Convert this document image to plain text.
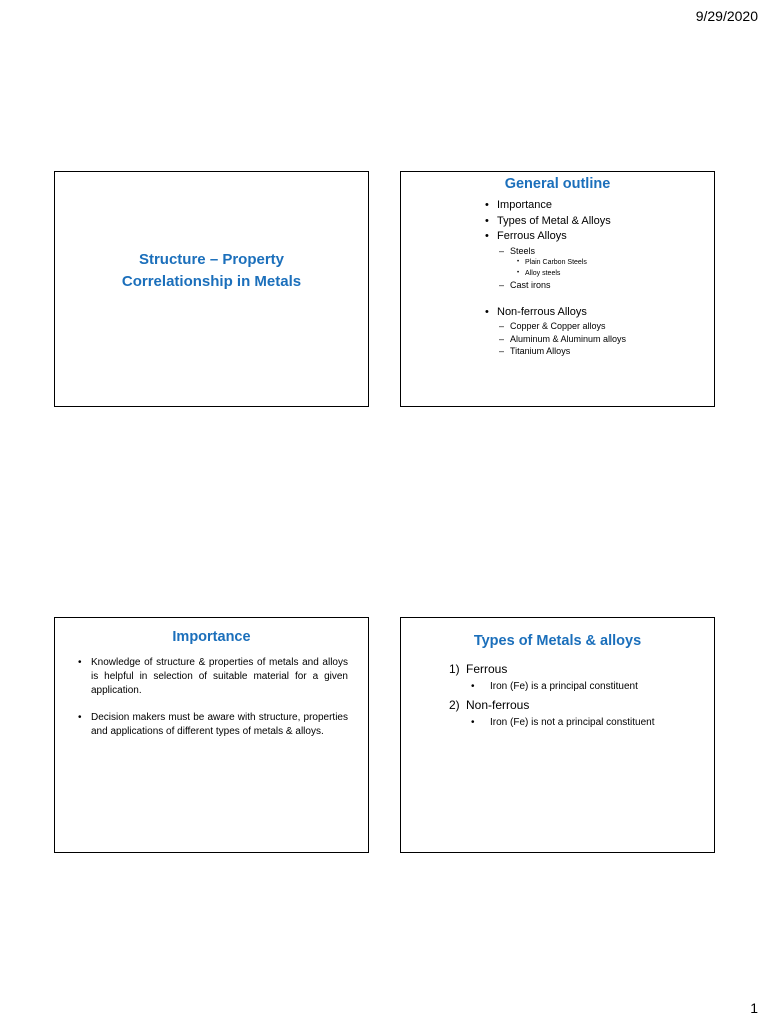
9/29/2020
Structure – Property
Correlationship in Metals
General outline
• Importance
• Types of Metal & Alloys
• Ferrous Alloys
– Steels
• Plain Carbon Steels
• Alloy steels
– Cast irons
• Non-ferrous Alloys
– Copper & Copper alloys
– Aluminum & Aluminum alloys
– Titanium Alloys
Importance
• Knowledge of structure & properties of metals and alloys is helpful in selection of suitable material for a given application.
• Decision makers must be aware with structure, properties and applications of different types of metals & alloys.
Types of Metals & alloys
1) Ferrous
• Iron (Fe) is a principal constituent
2) Non-ferrous
• Iron (Fe) is not a principal constituent
1
